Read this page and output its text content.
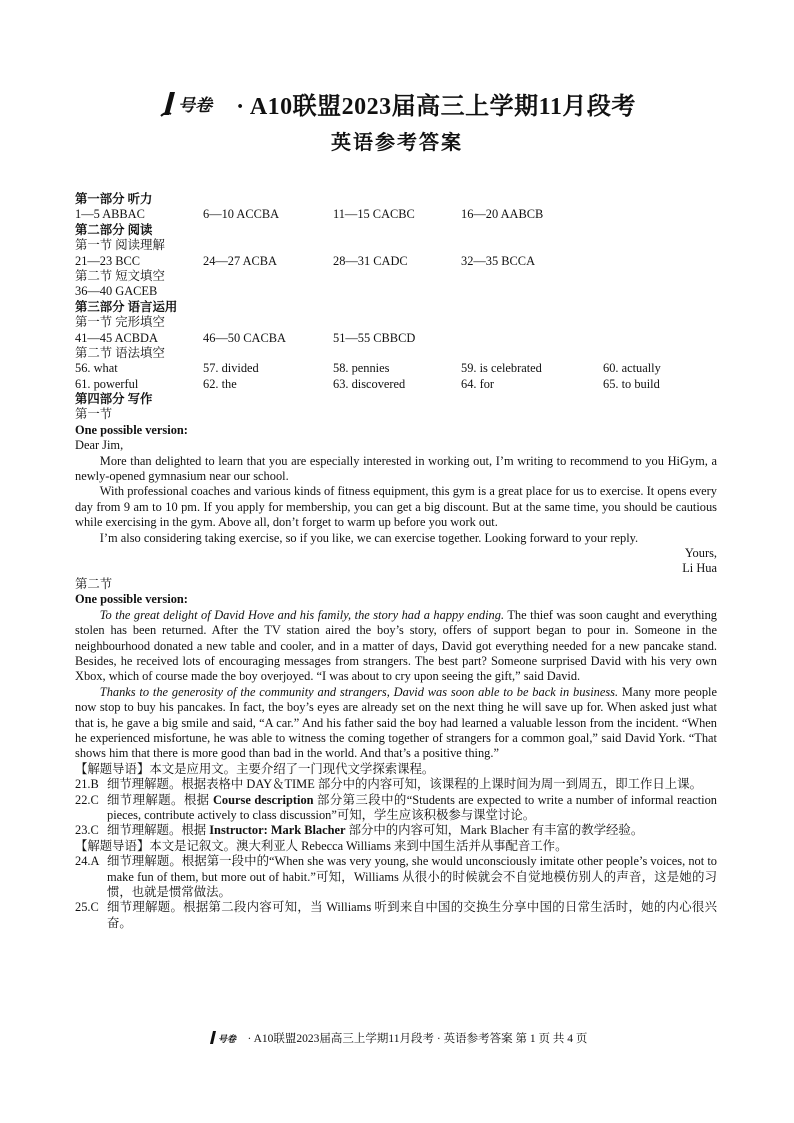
号卷 · A10联盟2023届高三上学期11月段考
英语参考答案
第一部分 听力
1—5 ABBAC	6—10 ACCBA	11—15 CACBC	16—20 AABCB
第二部分 阅读
第一节 阅读理解
21—23 BCC	24—27 ACBA	28—31 CADC	32—35 BCCA
第二节 短文填空
36—40 GACEB
第三部分 语言运用
第一节 完形填空
41—45 ACBDA	46—50 CACBA	51—55 CBBCD
第二节 语法填空
56. what	57. divided	58. pennies	59. is celebrated	60. actually
61. powerful	62. the	63. discovered	64. for	65. to build
第四部分 写作
第一节
One possible version:
Dear Jim,

More than delighted to learn that you are especially interested in working out, I’m writing to recommend to you HiGym, a newly-opened gymnasium near our school.

With professional coaches and various kinds of fitness equipment, this gym is a great place for us to exercise. It opens every day from 9 am to 10 pm. If you apply for membership, you can get a big discount. But at the same time, you should be cautious while exercising in the gym. Above all, don’t forget to warm up before you work out.

I’m also considering taking exercise, so if you like, we can exercise together. Looking forward to your reply.

Yours,
Li Hua
第二节
One possible version:

To the great delight of David Hove and his family, the story had a happy ending. The thief was soon caught and everything stolen has been returned. After the TV station aired the boy’s story, offers of support began to pour in. Someone in the neighbourhood donated a new table and cooler, and in a matter of days, David got everything needed for a new pancake stand. Besides, he received lots of encouraging messages from strangers. The best part? Someone surprised David with his very own Xbox, which of course made the boy overjoyed. “I was about to cry upon seeing the gift,” said David.

Thanks to the generosity of the community and strangers, David was soon able to be back in business. Many more people now stop to buy his pancakes. In fact, the boy’s eyes are already set on the next thing he will save up for. When asked just what that is, he gave a big smile and said, “A car.” And his father said the boy had learned a valuable lesson from the incident. “When he experienced misfortune, he was able to witness the coming together of strangers for a common goal,” said David York. “That shows him that there is more good than bad in the world. And that’s a positive thing.”

【解题导语】本文是应用文。主要介绍了一门现代文学探索课程。
21.B 细节理解题。根据表格中 DAY＆TIME 部分中的内容可知，该课程的上课时间为周一到周五，即工作日上课。
22.C 细节理解题。根据 Course description 部分第三段中的“Students are expected to write a number of informal reaction pieces, contribute actively to class discussion”可知，学生应该积极参与课堂讨论。
23.C 细节理解题。根据 Instructor: Mark Blacher 部分中的内容可知，Mark Blacher 有丰富的教学经验。
【解题导语】本文是记叙文。澳大利亚人 Rebecca Williams 来到中国生活并从事配音工作。
24.A 细节理解题。根据第一段中的“When she was very young, she would unconsciously imitate other people’s voices, not to make fun of them, but more out of habit.”可知，Williams 从很小的时候就会不自觉地模仿别人的声音，这是她的习惯，也就是惯常做法。
25.C 细节理解题。根据第二段内容可知，当 Williams 听到来自中国的交换生分享中国的日常生活时，她的内心很兴奋。
号卷 · A10联盟2023届高三上学期11月段考 · 英语参考答案 第 1 页 共 4 页
